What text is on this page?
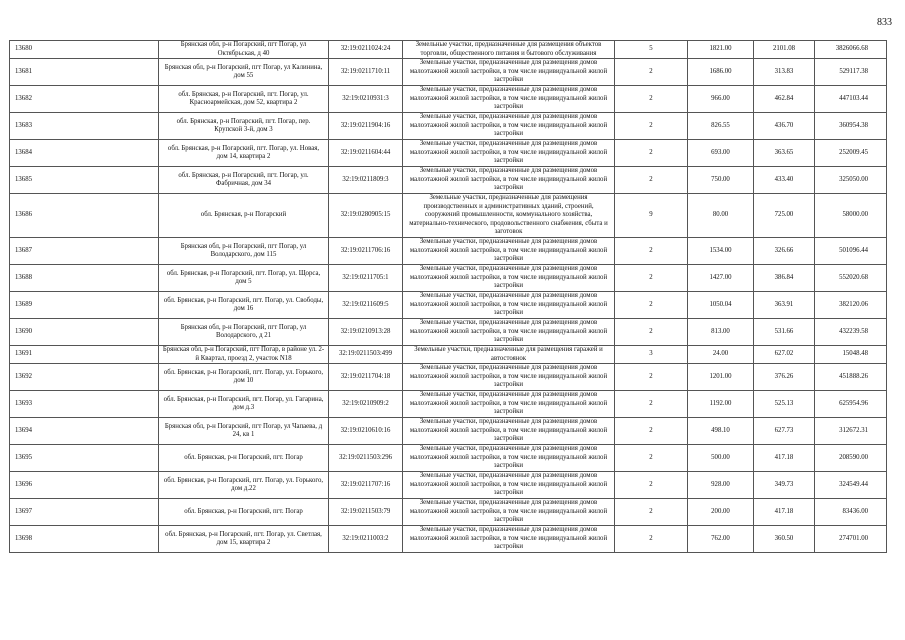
833
13680	Брянская обл, р-н Погарский, пгт Погар, ул Октябрьская, д 40	32:19:0211024:24	Земельные участки, предназначенные для размещения объектов торговли, общественного питания и бытового обслуживания	5	1821.00	2101.08	3826066.68
13681	Брянская обл, р-н Погарский, пгт Погар, ул Калинина, дом 55	32:19:0211710:11	Земельные участки, предназначенные для размещения домов малоэтажной жилой застройки, в том числе индивидуальной жилой застройки	2	1686.00	313.83	529117.38
13682	обл. Брянская, р-н Погарский, пгт. Погар, ул. Красноармейская, дом 52, квартира 2	32:19:0210931:3	Земельные участки, предназначенные для размещения домов малоэтажной жилой застройки, в том числе индивидуальной жилой застройки	2	966.00	462.84	447103.44
13683	обл. Брянская, р-н Погарский, пгт. Погар, пер. Крупской 3-й, дом 3	32:19:0211904:16	Земельные участки, предназначенные для размещения домов малоэтажной жилой застройки, в том числе индивидуальной жилой застройки	2	826.55	436.70	360954.38
13684	обл. Брянская, р-н Погарский, пгт. Погар, ул. Новая, дом 14, квартира 2	32:19:0211604:44	Земельные участки, предназначенные для размещения домов малоэтажной жилой застройки, в том числе индивидуальной жилой застройки	2	693.00	363.65	252009.45
13685	обл. Брянская, р-н Погарский, пгт. Погар, ул. Фабричная, дом 34	32:19:0211809:3	Земельные участки, предназначенные для размещения домов малоэтажной жилой застройки, в том числе индивидуальной жилой застройки	2	750.00	433.40	325050.00
13686	обл. Брянская, р-н Погарский	32:19:0280905:15	Земельные участки, предназначенные для размещения производственных и административных зданий, строений, сооружений промышленности, коммунального хозяйства, материально-технического, продовольственного снабжения, сбыта и заготовок	9	80.00	725.00	58000.00
13687	Брянская обл, р-н Погарский, пгт Погар, ул Володарского, дом 115	32:19:0211706:16	Земельные участки, предназначенные для размещения домов малоэтажной жилой застройки, в том числе индивидуальной жилой застройки	2	1534.00	326.66	501096.44
13688	обл. Брянская, р-н Погарский, пгт. Погар, ул. Щорса, дом 5	32:19:0211705:1	Земельные участки, предназначенные для размещения домов малоэтажной жилой застройки, в том числе индивидуальной жилой застройки	2	1427.00	386.84	552020.68
13689	обл. Брянская, р-н Погарский, пгт. Погар, ул. Свободы, дом 16	32:19:0211609:5	Земельные участки, предназначенные для размещения домов малоэтажной жилой застройки, в том числе индивидуальной жилой застройки	2	1050.04	363.91	382120.06
13690	Брянская обл, р-н Погарский, пгт Погар, ул Володарского, д 21	32:19:0210913:28	Земельные участки, предназначенные для размещения домов малоэтажной жилой застройки, в том числе индивидуальной жилой застройки	2	813.00	531.66	432239.58
13691	Брянская обл, р-н Погарский, пгт Погар, в районе ул. 2-й Квартал, проезд 2, участок N18	32:19:0211503:499	Земельные участки, предназначенные для размещения гаражей и автостоянок	3	24.00	627.02	15048.48
13692	обл. Брянская, р-н Погарский, пгт. Погар, ул. Горького, дом 10	32:19:0211704:18	Земельные участки, предназначенные для размещения домов малоэтажной жилой застройки, в том числе индивидуальной жилой застройки	2	1201.00	376.26	451888.26
13693	обл. Брянская, р-н Погарский, пгт. Погар, ул. Гагарина, дом д.3	32:19:0210909:2	Земельные участки, предназначенные для размещения домов малоэтажной жилой застройки, в том числе индивидуальной жилой застройки	2	1192.00	525.13	625954.96
13694	Брянская обл, р-н Погарский, пгт Погар, ул Чапаева, д 24, кв 1	32:19:0210610:16	Земельные участки, предназначенные для размещения домов малоэтажной жилой застройки, в том числе индивидуальной жилой застройки	2	498.10	627.73	312672.31
13695	обл. Брянская, р-н Погарский, пгт. Погар	32:19:0211503:296	Земельные участки, предназначенные для размещения домов малоэтажной жилой застройки, в том числе индивидуальной жилой застройки	2	500.00	417.18	208590.00
13696	обл. Брянская, р-н Погарский, пгт. Погар, ул. Горького, дом д.22	32:19:0211707:16	Земельные участки, предназначенные для размещения домов малоэтажной жилой застройки, в том числе индивидуальной жилой застройки	2	928.00	349.73	324549.44
13697	обл. Брянская, р-н Погарский, пгт. Погар	32:19:0211503:79	Земельные участки, предназначенные для размещения домов малоэтажной жилой застройки, в том числе индивидуальной жилой застройки	2	200.00	417.18	83436.00
13698	обл. Брянская, р-н Погарский, пгт. Погар, ул. Светлая, дом 15, квартира 2	32:19:0211003:2	Земельные участки, предназначенные для размещения домов малоэтажной жилой застройки, в том числе индивидуальной жилой застройки	2	762.00	360.50	274701.00
